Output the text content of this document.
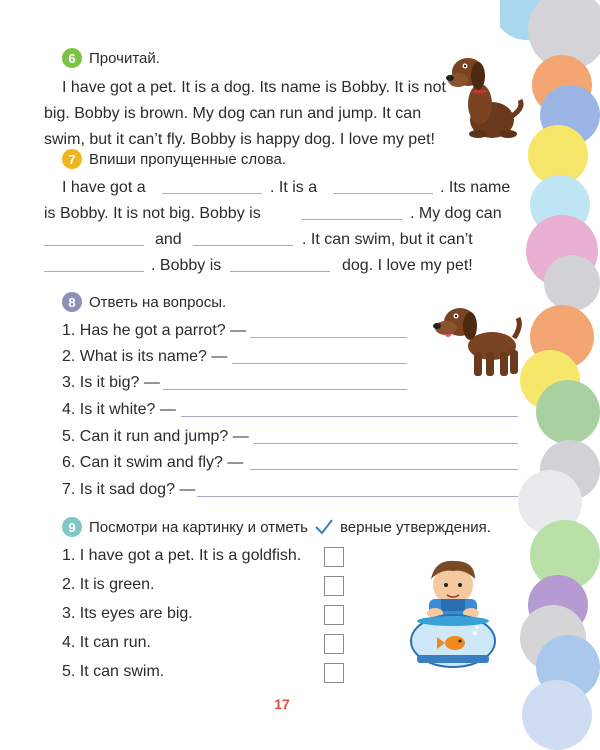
6 Прочитай.
I have got a pet. It is a dog. Its name is Bobby. It is not
big. Bobby is brown. My dog can run and jump. It can
swim, but it can’t fly. Bobby is happy dog. I love my pet!
7 Впиши пропущенные слова.
I have got a	. It is a	. Its name
is Bobby. It is not big. Bobby is	. My dog can
and	. It can swim, but it can’t
. Bobby is	dog. I love my pet!
8 Ответь на вопросы.
1. Has he got a parrot? —
2. What is its name? —
3. Is it big? —
4. Is it white? —
5. Can it run and jump? —
6. Can it swim and fly? —
7. Is it sad dog? —
9 Посмотри на картинку и отметь верные утверждения.
1. I have got a pet. It is a goldfish.
2. It is green.
3. Its eyes are big.
4. It can run.
5. It can swim.
17
